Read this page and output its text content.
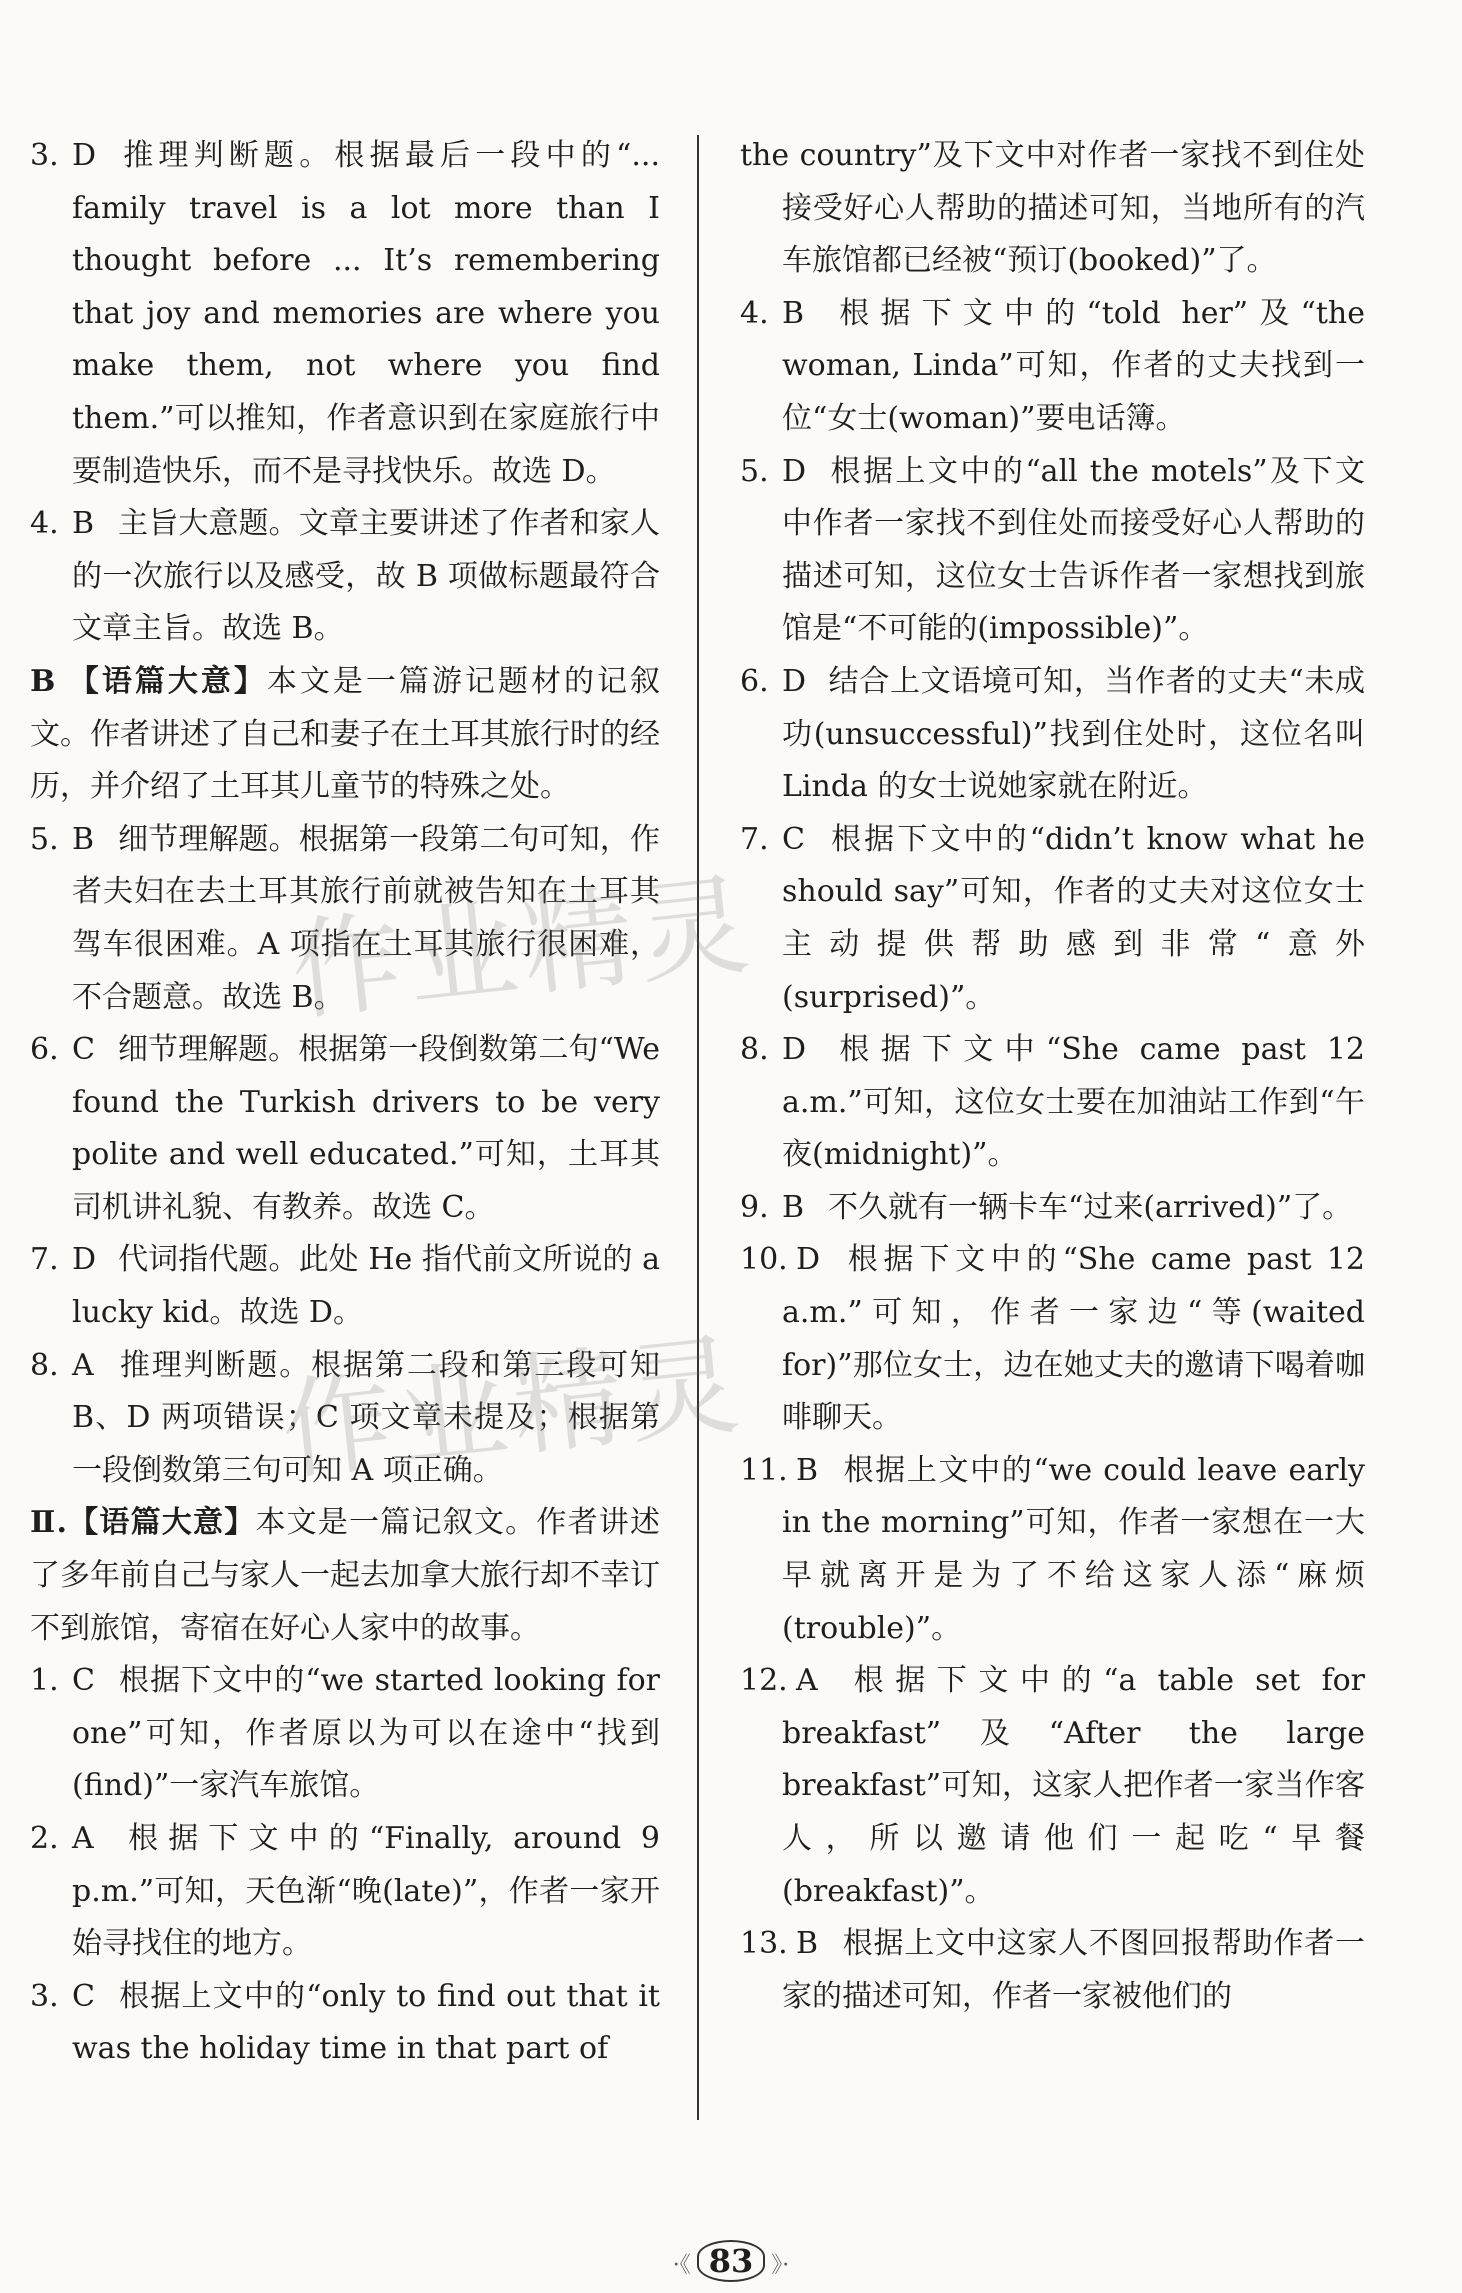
3. D 推理判断题。根据最后一段中的“... family travel is a lot more than I thought before ... It’s remembering that joy and memories are where you make them, not where you find them.”可以推知，作者意识到在家庭旅行中要制造快乐，而不是寻找快乐。故选 D。

4. B 主旨大意题。文章主要讲述了作者和家人的一次旅行以及感受，故 B 项做标题最符合文章主旨。故选 B。

B 【语篇大意】本文是一篇游记题材的记叙文。作者讲述了自己和妻子在土耳其旅行时的经历，并介绍了土耳其儿童节的特殊之处。

5. B 细节理解题。根据第一段第二句可知，作者夫妇在去土耳其旅行前就被告知在土耳其驾车很困难。A 项指在土耳其旅行很困难，不合题意。故选 B。

6. C 细节理解题。根据第一段倒数第二句“We found the Turkish drivers to be very polite and well educated.”可知，土耳其司机讲礼貌、有教养。故选 C。

7. D 代词指代题。此处 He 指代前文所说的 a lucky kid。故选 D。

8. A 推理判断题。根据第二段和第三段可知 B、D 两项错误；C 项文章未提及；根据第一段倒数第三句可知 A 项正确。

Ⅱ.【语篇大意】本文是一篇记叙文。作者讲述了多年前自己与家人一起去加拿大旅行却不幸订不到旅馆，寄宿在好心人家中的故事。

1. C 根据下文中的“we started looking for one”可知，作者原以为可以在途中“找到(find)”一家汽车旅馆。

2. A 根据下文中的“Finally, around 9 p.m.”可知，天色渐“晚(late)”，作者一家开始寻找住的地方。

3. C 根据上文中的“only to find out that it was the holiday time in that part of

the country”及下文中对作者一家找不到住处接受好心人帮助的描述可知，当地所有的汽车旅馆都已经被“预订(booked)”了。

4. B 根据下文中的“told her”及“the woman, Linda”可知，作者的丈夫找到一位“女士(woman)”要电话簿。

5. D 根据上文中的“all the motels”及下文中作者一家找不到住处而接受好心人帮助的描述可知，这位女士告诉作者一家想找到旅馆是“不可能的(impossible)”。

6. D 结合上文语境可知，当作者的丈夫“未成功(unsuccessful)”找到住处时，这位名叫 Linda 的女士说她家就在附近。

7. C 根据下文中的“didn’t know what he should say”可知，作者的丈夫对这位女士主动提供帮助感到非常“意外(surprised)”。

8. D 根据下文中“She came past 12 a.m.”可知，这位女士要在加油站工作到“午夜(midnight)”。

9. B 不久就有一辆卡车“过来(arrived)”了。

10. D 根据下文中的“She came past 12 a.m.”可知，作者一家边“等(waited for)”那位女士，边在她丈夫的邀请下喝着咖啡聊天。

11. B 根据上文中的“we could leave early in the morning”可知，作者一家想在一大早就离开是为了不给这家人添“麻烦(trouble)”。

12. A 根据下文中的“a table set for breakfast”及“After the large breakfast”可知，这家人把作者一家当作客人，所以邀请他们一起吃“早餐(breakfast)”。

13. B 根据上文中这家人不图回报帮助作者一家的描述可知，作者一家被他们的

作业精灵
作业精灵
·《 83 》·
